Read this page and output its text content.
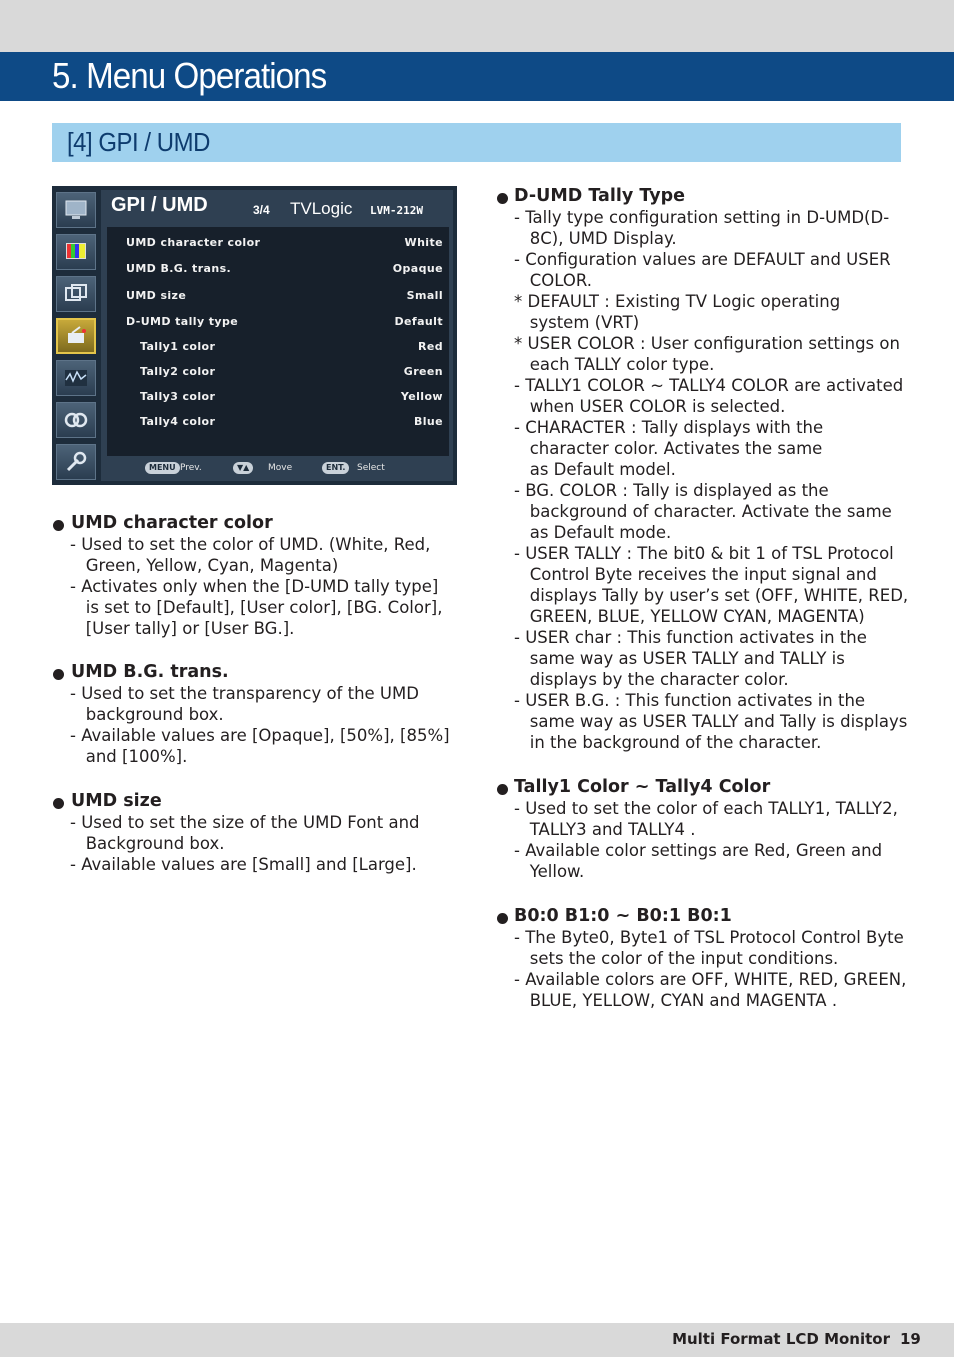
5. Menu Operations
[4] GPI / UMD
GPI / UMD	3/4 TVLogic LVM-212W
UMD character color	White
UMD B.G. trans.	Opaque
UMD size	Small
D-UMD tally type	Default
Tally1 color	Red
Tally2 color	Green
Tally3 color	Yellow
Tally4 color	Blue
MENU Prev.	▼▲	Move	ENT.	Select
UMD character color
- Used to set the color of UMD. (White, Red,
Green, Yellow, Cyan, Magenta)
- Activates only when the [D-UMD tally type]
is set to [Default], [User color], [BG. Color],
[User tally] or [User BG.].
UMD B.G. trans.
- Used to set the transparency of the UMD
background box.
- Available values are [Opaque], [50%], [85%]
and [100%].
UMD size
- Used to set the size of the UMD Font and
Background box.
- Available values are [Small] and [Large].
D-UMD Tally Type
- Tally type configuration setting in D-UMD(D-
8C), UMD Display.
- Configuration values are DEFAULT and USER
COLOR.
* DEFAULT : Existing TV Logic operating
system (VRT)
* USER COLOR : User configuration settings on
each TALLY color type.
- TALLY1 COLOR ~ TALLY4 COLOR are activated
when USER COLOR is selected.
- CHARACTER : Tally displays with the
character color. Activates the same
as Default model.
- BG. COLOR : Tally is displayed as the
background of character. Activate the same
as Default mode.
- USER TALLY : The bit0 & bit 1 of TSL Protocol
Control Byte receives the input signal and
displays Tally by user’s set (OFF, WHITE, RED,
GREEN, BLUE, YELLOW CYAN, MAGENTA)
- USER char : This function activates in the
same way as USER TALLY and TALLY is
displays by the character color.
- USER B.G. : This function activates in the
same way as USER TALLY and Tally is displays
in the background of the character.
Tally1 Color ~ Tally4 Color
- Used to set the color of each TALLY1, TALLY2,
TALLY3 and TALLY4 .
- Available color settings are Red, Green and
Yellow.
B0:0 B1:0 ~ B0:1 B0:1
- The Byte0, Byte1 of TSL Protocol Control Byte
sets the color of the input conditions.
- Available colors are OFF, WHITE, RED, GREEN,
BLUE, YELLOW, CYAN and MAGENTA .
Multi Format LCD Monitor 19
